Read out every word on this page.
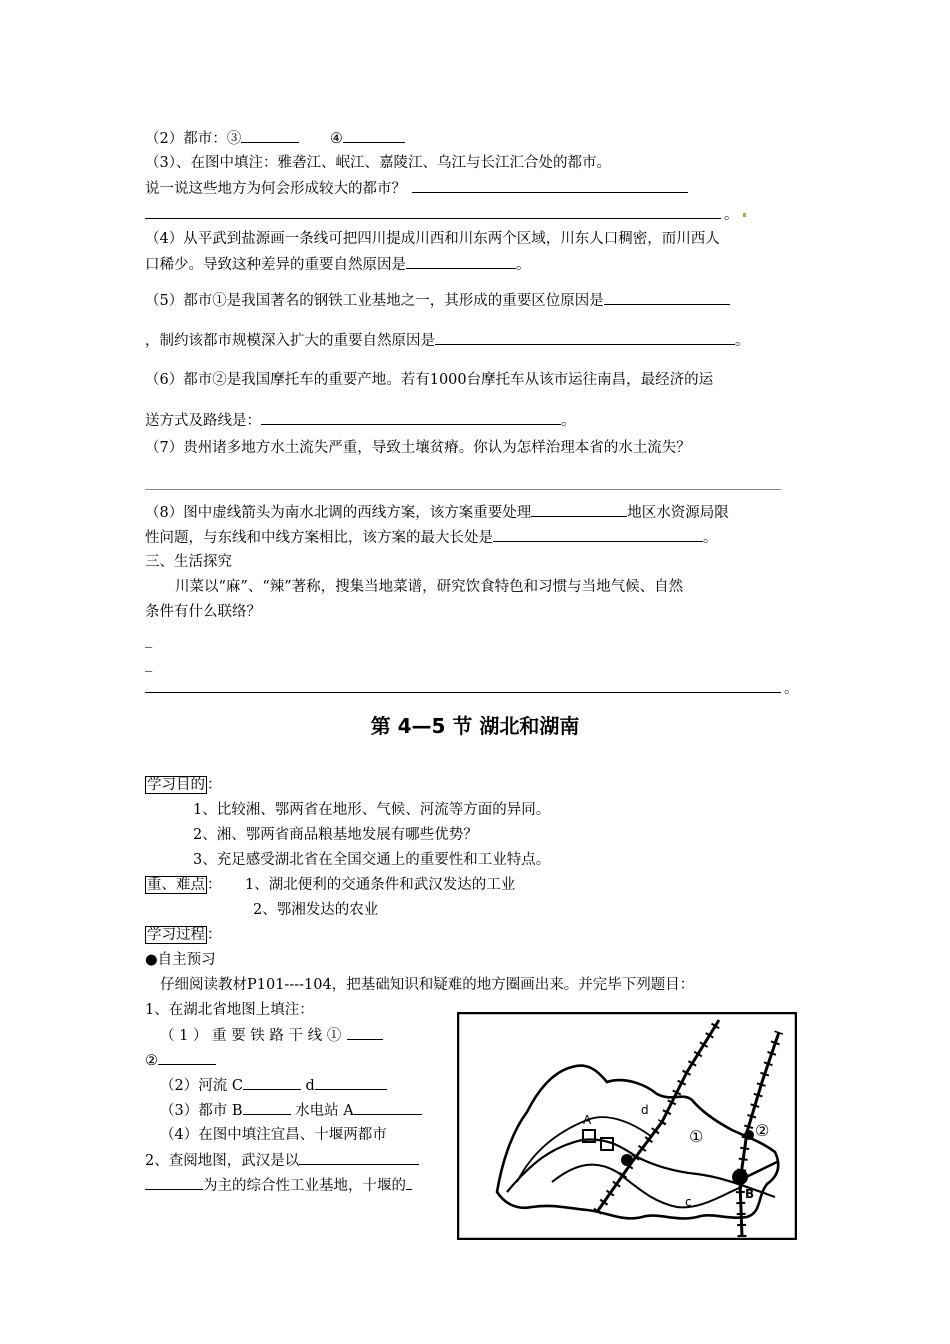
（2）都市：③	④
（3）、在图中填注：雅砻江、岷江、嘉陵江、乌江与长江汇合处的都市。
说一说这些地方为何会形成较大的都市？
。
（4）从平武到盐源画一条线可把四川提成川西和川东两个区域，川东人口稠密，而川西人
口稀少。导致这种差异的重要自然原因是	。
（5）都市①是我国著名的钢铁工业基地之一，其形成的重要区位原因是
，制约该都市规模深入扩大的重要自然原因是	。
（6）都市②是我国摩托车的重要产地。若有1000台摩托车从该市运往南昌，最经济的运
送方式及路线是：	。
（7）贵州诸多地方水土流失严重，导致土壤贫瘠。你认为怎样治理本省的水土流失？
（8）图中虚线箭头为南水北调的西线方案，该方案重要处理	地区水资源局限
性问题，与东线和中线方案相比，该方案的最大长处是	。
三、生活探究
川菜以“麻”、“辣”著称，搜集当地菜谱，研究饮食特色和习惯与当地气候、自然
条件有什么联络？
_
_
。
第 4—5 节 湖北和湖南
学习目的 ：
1、比较湘、鄂两省在地形、气候、河流等方面的异同。
2、湘、鄂两省商品粮基地发展有哪些优势？
3、充足感受湖北省在全国交通上的重要性和工业特点。
重、难点 ： 1、湖北便利的交通条件和武汉发达的工业
2、鄂湘发达的农业
学习过程 ：
●自主预习
仔细阅读教材P101----104，把基础知识和疑难的地方圈画出来。并完毕下列题目：
1、在湖北省地图上填注：
（ 1 ） 重 要 铁 路 干 线 ①
②
（2）河流 C	d
（3）都市 B	水电站 A
（4）在图中填注宜昌、十堰两都市
2、查阅地图，武汉是以
为主的综合性工业基地，十堰的
A
d
①	②
B
c
